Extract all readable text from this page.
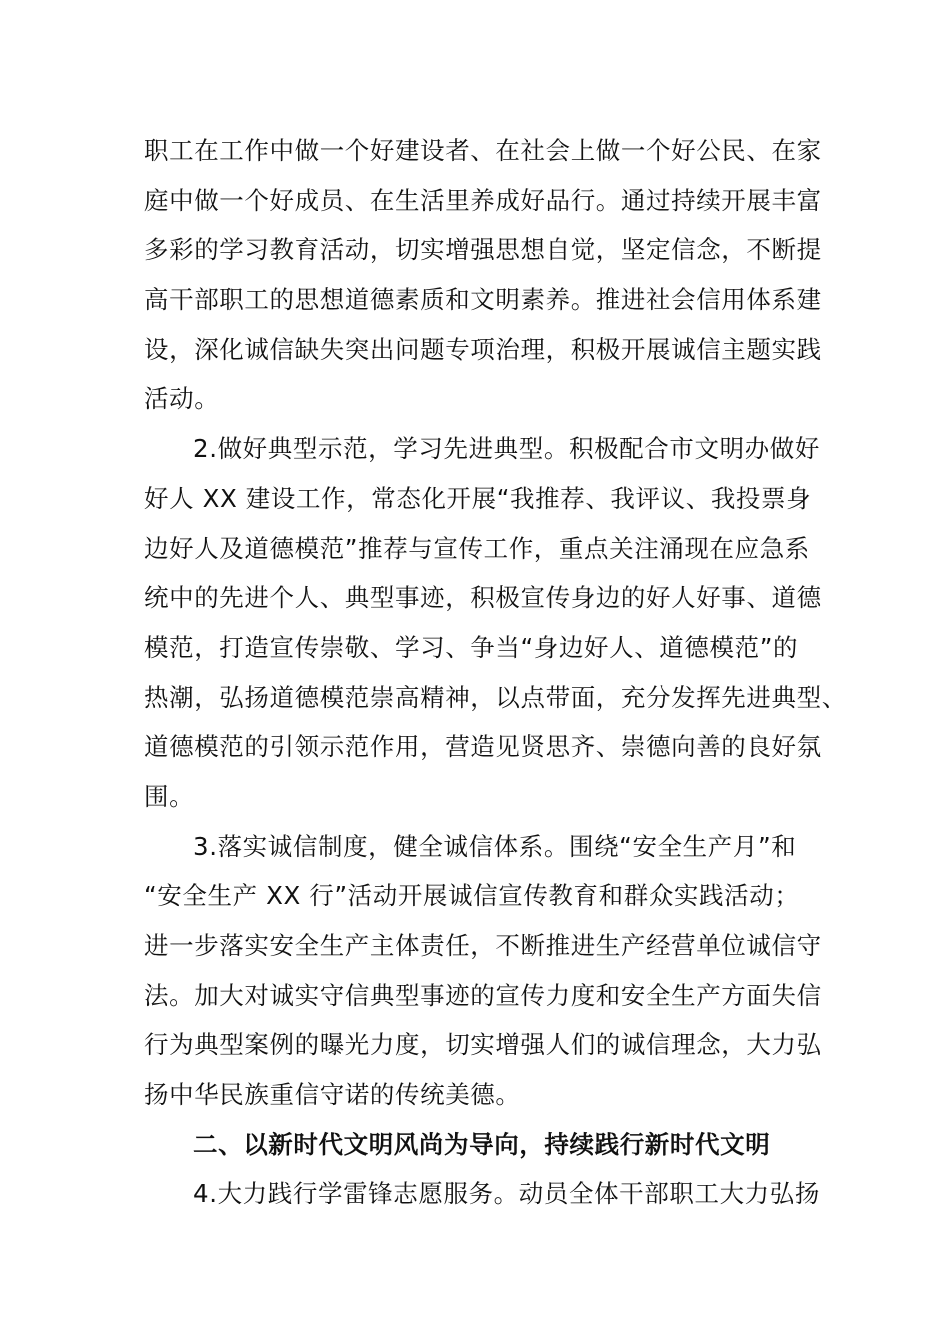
职工在工作中做一个好建设者、在社会上做一个好公民、在家
庭中做一个好成员、在生活里养成好品行。通过持续开展丰富
多彩的学习教育活动，切实增强思想自觉，坚定信念，不断提
高干部职工的思想道德素质和文明素养。推进社会信用体系建
设，深化诚信缺失突出问题专项治理，积极开展诚信主题实践
活动。
2.做好典型示范，学习先进典型。积极配合市文明办做好
好人 XX 建设工作，常态化开展“我推荐、我评议、我投票身
边好人及道德模范”推荐与宣传工作，重点关注涌现在应急系
统中的先进个人、典型事迹，积极宣传身边的好人好事、道德
模范，打造宣传崇敬、学习、争当“身边好人、道德模范”的
热潮，弘扬道德模范崇高精神，以点带面，充分发挥先进典型、
道德模范的引领示范作用，营造见贤思齐、崇德向善的良好氛
围。
3.落实诚信制度，健全诚信体系。围绕“安全生产月”和
“安全生产 XX 行”活动开展诚信宣传教育和群众实践活动；
进一步落实安全生产主体责任，不断推进生产经营单位诚信守
法。加大对诚实守信典型事迹的宣传力度和安全生产方面失信
行为典型案例的曝光力度，切实增强人们的诚信理念，大力弘
扬中华民族重信守诺的传统美德。
二、以新时代文明风尚为导向，持续践行新时代文明
4.大力践行学雷锋志愿服务。动员全体干部职工大力弘扬
